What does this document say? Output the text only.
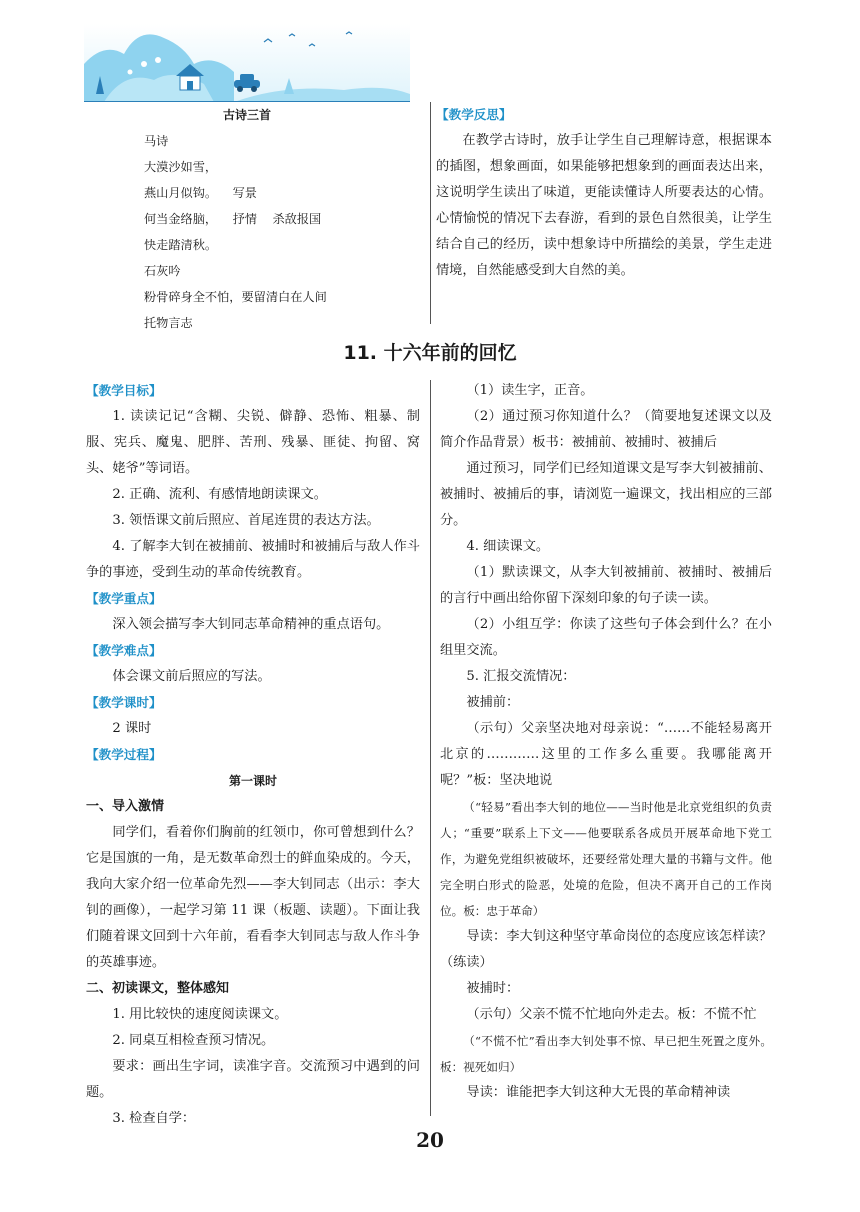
古诗三首

马诗

大漠沙如雪，

燕山月似钩。    写景

何当金络脑，    抒情    杀敌报国

快走踏清秋。

石灰吟

粉骨碎身全不怕，要留清白在人间

托物言志

【教学反思】

在教学古诗时，放手让学生自己理解诗意，根据课本的插图，想象画面，如果能够把想象到的画面表达出来，这说明学生读出了味道，更能读懂诗人所要表达的心情。心情愉悦的情况下去春游，看到的景色自然很美，让学生结合自己的经历，读中想象诗中所描绘的美景，学生走进情境，自然能感受到大自然的美。

11. 十六年前的回忆

【教学目标】

1. 读读记记“含糊、尖锐、僻静、恐怖、粗暴、制服、宪兵、魔鬼、肥胖、苦刑、残暴、匪徒、拘留、窝头、姥爷”等词语。

2. 正确、流利、有感情地朗读课文。

3. 领悟课文前后照应、首尾连贯的表达方法。

4. 了解李大钊在被捕前、被捕时和被捕后与敌人作斗争的事迹，受到生动的革命传统教育。

【教学重点】

深入领会描写李大钊同志革命精神的重点语句。

【教学难点】

体会课文前后照应的写法。

【教学课时】

2 课时

【教学过程】

第一课时

一、导入激情

同学们，看着你们胸前的红领巾，你可曾想到什么？它是国旗的一角，是无数革命烈士的鲜血染成的。今天，我向大家介绍一位革命先烈——李大钊同志（出示：李大钊的画像），一起学习第 11 课（板题、读题）。下面让我们随着课文回到十六年前，看看李大钊同志与敌人作斗争的英雄事迹。

二、初读课文，整体感知

1. 用比较快的速度阅读课文。

2. 同桌互相检查预习情况。

要求：画出生字词，读准字音。交流预习中遇到的问题。

3. 检查自学：

（1）读生字，正音。

（2）通过预习你知道什么？（简要地复述课文以及简介作品背景）板书：被捕前、被捕时、被捕后

通过预习，同学们已经知道课文是写李大钊被捕前、被捕时、被捕后的事，请浏览一遍课文，找出相应的三部分。

4. 细读课文。

（1）默读课文，从李大钊被捕前、被捕时、被捕后的言行中画出给你留下深刻印象的句子读一读。

（2）小组互学：你读了这些句子体会到什么？在小组里交流。

5. 汇报交流情况：

被捕前：

（示句）父亲坚决地对母亲说：“……不能轻易离开北京的…………这里的工作多么重要。我哪能离开呢？”板：坚决地说

（“轻易”看出李大钊的地位——当时他是北京党组织的负责人；“重要”联系上下文——他要联系各成员开展革命地下党工作，为避免党组织被破坏，还要经常处理大量的书籍与文件。他完全明白形式的险恶，处境的危险，但决不离开自己的工作岗位。板：忠于革命）

导读：李大钊这种坚守革命岗位的态度应该怎样读？（练读）

被捕时：

（示句）父亲不慌不忙地向外走去。板：不慌不忙

（“不慌不忙”看出李大钊处事不惊、早已把生死置之度外。板：视死如归）

导读：谁能把李大钊这种大无畏的革命精神读

20
